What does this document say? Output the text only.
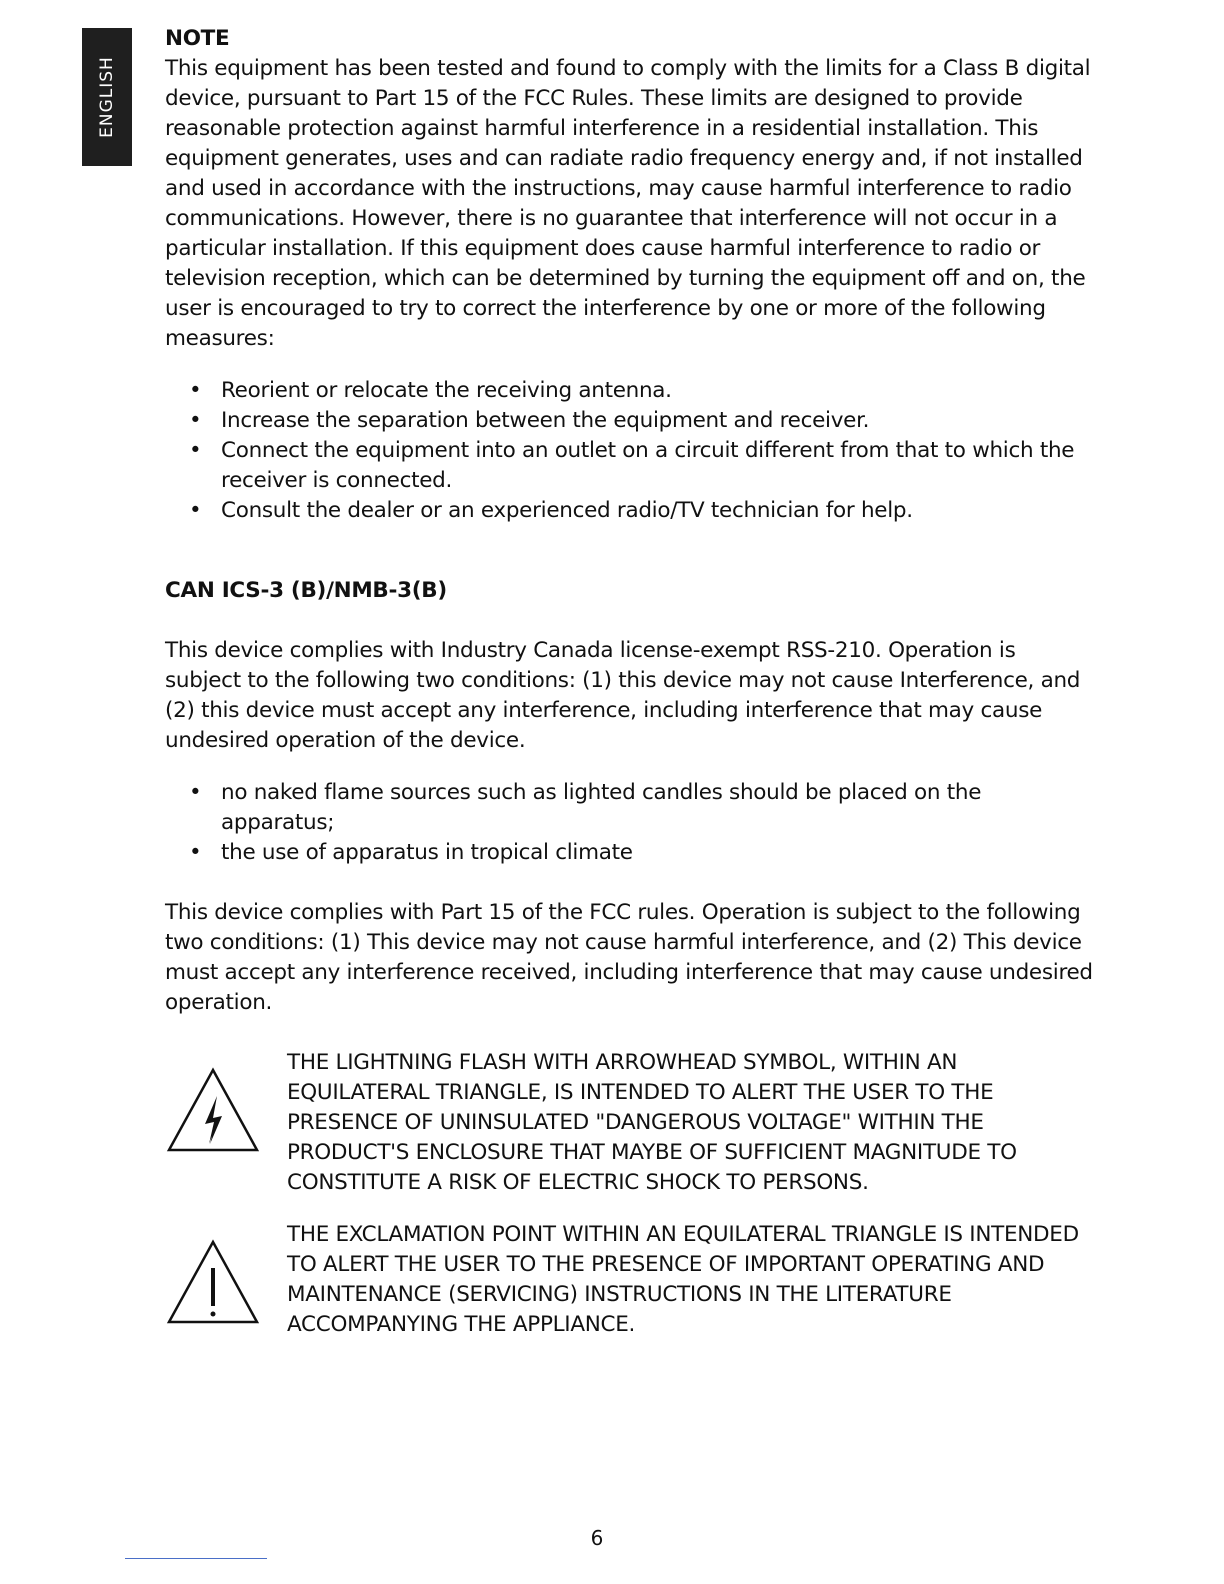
ENGLISH

NOTE

This equipment has been tested and found to comply with the limits for a Class B digital device, pursuant to Part 15 of the FCC Rules. These limits are designed to provide reasonable protection against harmful interference in a residential installation. This equipment generates, uses and can radiate radio frequency energy and, if not installed and used in accordance with the instructions, may cause harmful interference to radio communications. However, there is no guarantee that interference will not occur in a particular installation. If this equipment does cause harmful interference to radio or television reception, which can be determined by turning the equipment off and on, the user is encouraged to try to correct the interference by one or more of the following measures:

• Reorient or relocate the receiving antenna.
• Increase the separation between the equipment and receiver.
• Connect the equipment into an outlet on a circuit different from that to which the receiver is connected.
• Consult the dealer or an experienced radio/TV technician for help.

CAN ICS-3 (B)/NMB-3(B)

This device complies with Industry Canada license-exempt RSS-210. Operation is subject to the following two conditions: (1) this device may not cause Interference, and (2) this device must accept any interference, including interference that may cause undesired operation of the device.

• no naked flame sources such as lighted candles should be placed on the apparatus;
• the use of apparatus in tropical climate

This device complies with Part 15 of the FCC rules. Operation is subject to the following two conditions: (1) This device may not cause harmful interference, and (2) This device must accept any interference received, including interference that may cause undesired operation.

THE LIGHTNING FLASH WITH ARROWHEAD SYMBOL, WITHIN AN EQUILATERAL TRIANGLE, IS INTENDED TO ALERT THE USER TO THE PRESENCE OF UNINSULATED "DANGEROUS VOLTAGE" WITHIN THE PRODUCT'S ENCLOSURE THAT MAYBE OF SUFFICIENT MAGNITUDE TO CONSTITUTE A RISK OF ELECTRIC SHOCK TO PERSONS.

THE EXCLAMATION POINT WITHIN AN EQUILATERAL TRIANGLE IS INTENDED TO ALERT THE USER TO THE PRESENCE OF IMPORTANT OPERATING AND MAINTENANCE (SERVICING) INSTRUCTIONS IN THE LITERATURE ACCOMPANYING THE APPLIANCE.

6
